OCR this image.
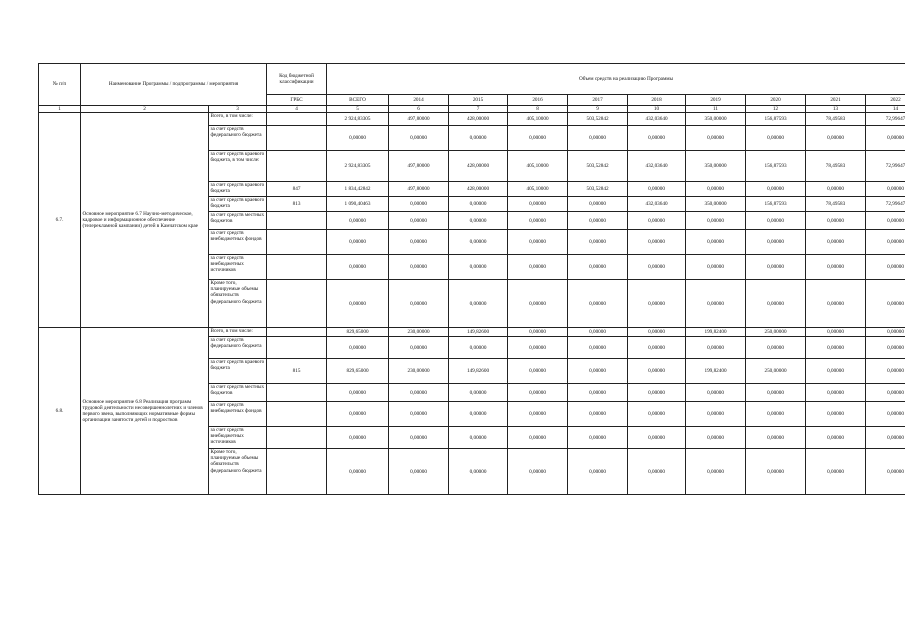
№ п/п	Наименование Программы / подпрограммы / мероприятия		Код бюджетной классификации	Объем средств на реализацию Программы									
			ГРБС	ВСЕГО	2014	2015	2016	2017	2018	2019	2020	2021	2022
1	2	3	4	5	6	7	8	9	10	11	12	13	14
6.7.	Основное мероприятие 6.7 Научно-методическое, кадровое и информационное обеспечение (телерекламной кампании) детей в Камчатском крае	Всего, в том числе:		2 924,83305	497,80000	428,00000	405,10000	503,52842	432,03640	350,00000	156,87593	78,49583	72,99647
		за счет средств федерального бюджета		0,00000	0,00000	0,00000	0,00000	0,00000	0,00000	0,00000	0,00000	0,00000	0,00000
		за счет средств краевого бюджета, в том числе:		2 924,83305	497,80000	428,00000	405,10000	503,52842	432,03640	350,00000	156,87593	78,49583	72,99647
		за счет средств краевого бюджета	847	1 834,42842	497,80000	428,00000	405,10000	503,52842	0,00000	0,00000	0,00000	0,00000	0,00000
		за счет средств краевого бюджета	813	1 090,40463	0,00000	0,00000	0,00000	0,00000	432,03640	350,00000	156,87593	78,49583	72,99647
		за счет средств местных бюджетов		0,00000	0,00000	0,00000	0,00000	0,00000	0,00000	0,00000	0,00000	0,00000	0,00000
		за счет средств внебюджетных фондов		0,00000	0,00000	0,00000	0,00000	0,00000	0,00000	0,00000	0,00000	0,00000	0,00000
		за счет средств внебюджетных источников		0,00000	0,00000	0,00000	0,00000	0,00000	0,00000	0,00000	0,00000	0,00000	0,00000
		Кроме того, планируемые объемы обязательств федерального бюджета		0,00000	0,00000	0,00000	0,00000	0,00000	0,00000	0,00000	0,00000	0,00000	0,00000
6.8.	Основное мероприятие 6.8 Реализация программ трудовой деятельности несовершеннолетних и членов первого звена, выполняющих нормативные формы организации занятости детей и подростков	Всего, в том числе:		829,65000	230,00000	149,82600	0,00000	0,00000	0,00000	199,82400	250,00000	0,00000	0,00000
		за счет средств федерального бюджета		0,00000	0,00000	0,00000	0,00000	0,00000	0,00000	0,00000	0,00000	0,00000	0,00000
		за счет средств краевого бюджета	815	829,65000	230,00000	149,82600	0,00000	0,00000	0,00000	199,82400	250,00000	0,00000	0,00000
		за счет средств местных бюджетов		0,00000	0,00000	0,00000	0,00000	0,00000	0,00000	0,00000	0,00000	0,00000	0,00000
		за счет средств внебюджетных фондов		0,00000	0,00000	0,00000	0,00000	0,00000	0,00000	0,00000	0,00000	0,00000	0,00000
		за счет средств внебюджетных источников		0,00000	0,00000	0,00000	0,00000	0,00000	0,00000	0,00000	0,00000	0,00000	0,00000
		Кроме того, планируемые объемы обязательств федерального бюджета		0,00000	0,00000	0,00000	0,00000	0,00000	0,00000	0,00000	0,00000	0,00000	0,00000
